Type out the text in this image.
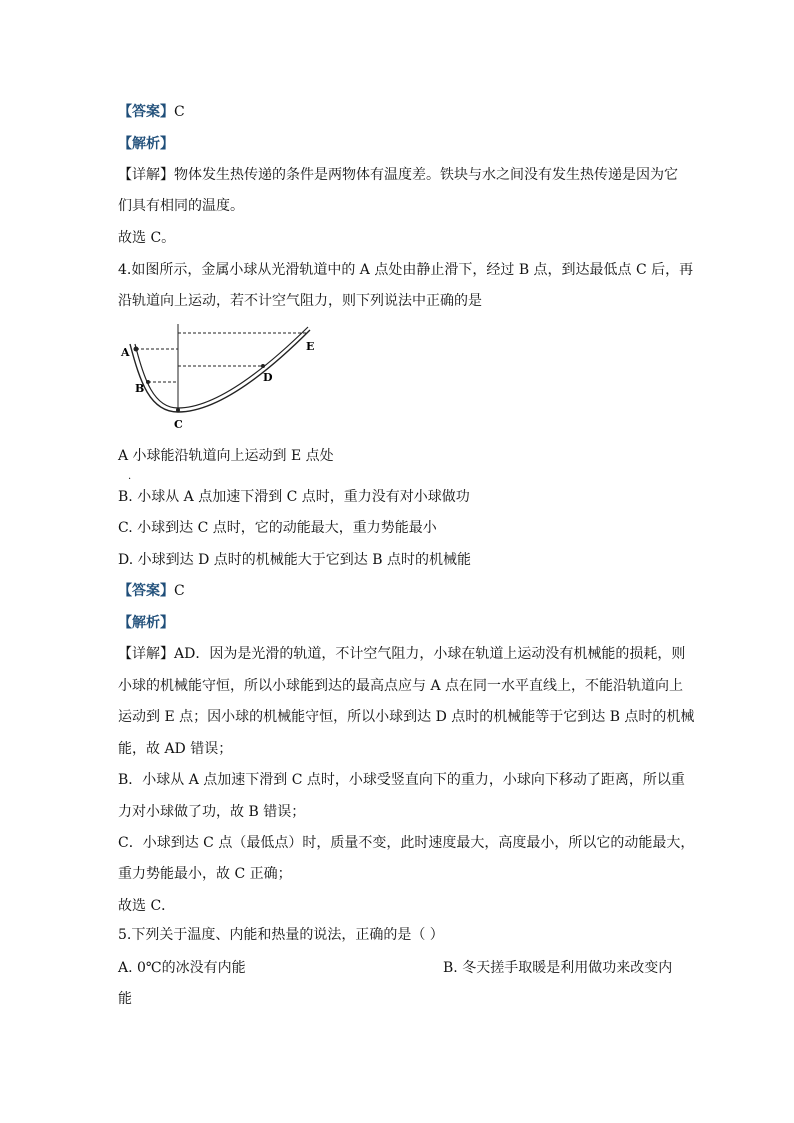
【答案】C
【解析】
【详解】物体发生热传递的条件是两物体有温度差。铁块与水之间没有发生热传递是因为它
们具有相同的温度。
故选 C。
4.如图所示，金属小球从光滑轨道中的 A 点处由静止滑下，经过 B 点，到达最低点 C 后，再
沿轨道向上运动，若不计空气阻力，则下列说法中正确的是
A
B
C
D
E
A 小球能沿轨道向上运动到 E 点处
.
B. 小球从 A 点加速下滑到 C 点时，重力没有对小球做功
C. 小球到达 C 点时，它的动能最大，重力势能最小
D. 小球到达 D 点时的机械能大于它到达 B 点时的机械能
【答案】C
【解析】
【详解】AD．因为是光滑的轨道，不计空气阻力，小球在轨道上运动没有机械能的损耗，则
小球的机械能守恒，所以小球能到达的最高点应与 A 点在同一水平直线上，不能沿轨道向上
运动到 E 点；因小球的机械能守恒，所以小球到达 D 点时的机械能等于它到达 B 点时的机械
能，故 AD 错误；
B．小球从 A 点加速下滑到 C 点时，小球受竖直向下的重力，小球向下移动了距离，所以重
力对小球做了功，故 B 错误；
C．小球到达 C 点（最低点）时，质量不变，此时速度最大，高度最小，所以它的动能最大，
重力势能最小，故 C 正确；
故选 C．
5.下列关于温度、内能和热量的说法，正确的是（ ）
A. 0℃的冰没有内能	B. 冬天搓手取暖是利用做功来改变内
能
